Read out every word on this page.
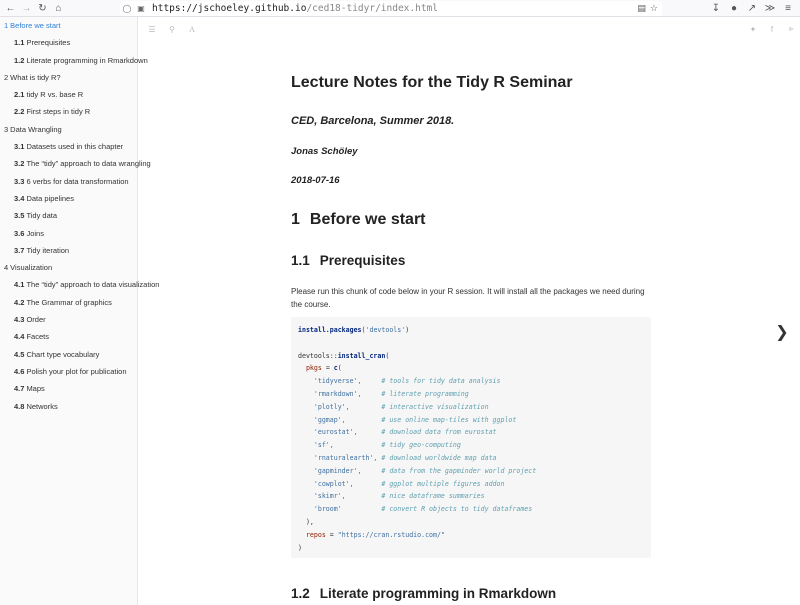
← → ↻ ⌂	◯ ▣ https://jschoeley.github.io/ced18-tidyr/index.html	▤ ☆	↧	●	↗ ≫ ≡
1 Before we start
1.1 Prerequisites
1.2 Literate programming in Rmarkdown
2 What is tidy R?
2.1 tidy R vs. base R
2.2 First steps in tidy R
3 Data Wrangling
3.1 Datasets used in this chapter
3.2 The “tidy” approach to data wrangling
3.3 6 verbs for data transformation
3.4 Data pipelines
3.5 Tidy data
3.6 Joins
3.7 Tidy iteration
4 Visualization
4.1 The “tidy” approach to data visualization
4.2 The Grammar of graphics
4.3 Order
4.4 Facets
4.5 Chart type vocabulary
4.6 Polish your plot for publication
4.7 Maps
4.8 Networks
☰	⚲	A	✦	f	⪢
Lecture Notes for the Tidy R Seminar
CED, Barcelona, Summer 2018.
Jonas Schöley
2018-07-16
1 Before we start
1.1 Prerequisites

Please run this chunk of code below in your R session. It will install all the packages we need during the course.

install.packages('devtools')

devtools::install_cran(
pkgs = c(
'tidyverse',	# tools for tidy data analysis
'rmarkdown',	# literate programming
'plotly',	# interactive visualization
'ggmap',	# use online map-tiles with ggplot
'eurostat',	# download data from eurostat
'sf',	# tidy geo-computing
'rnaturalearth', # download worldwide map data
'gapminder',	# data from the gapminder world project
'cowplot',	# ggplot multiple figures addon
'skimr',	# nice dataframe summaries
'broom'	# convert R objects to tidy dataframes
),
repos = "https://cran.rstudio.com/"
)
1.2 Literate programming in Rmarkdown
❯
